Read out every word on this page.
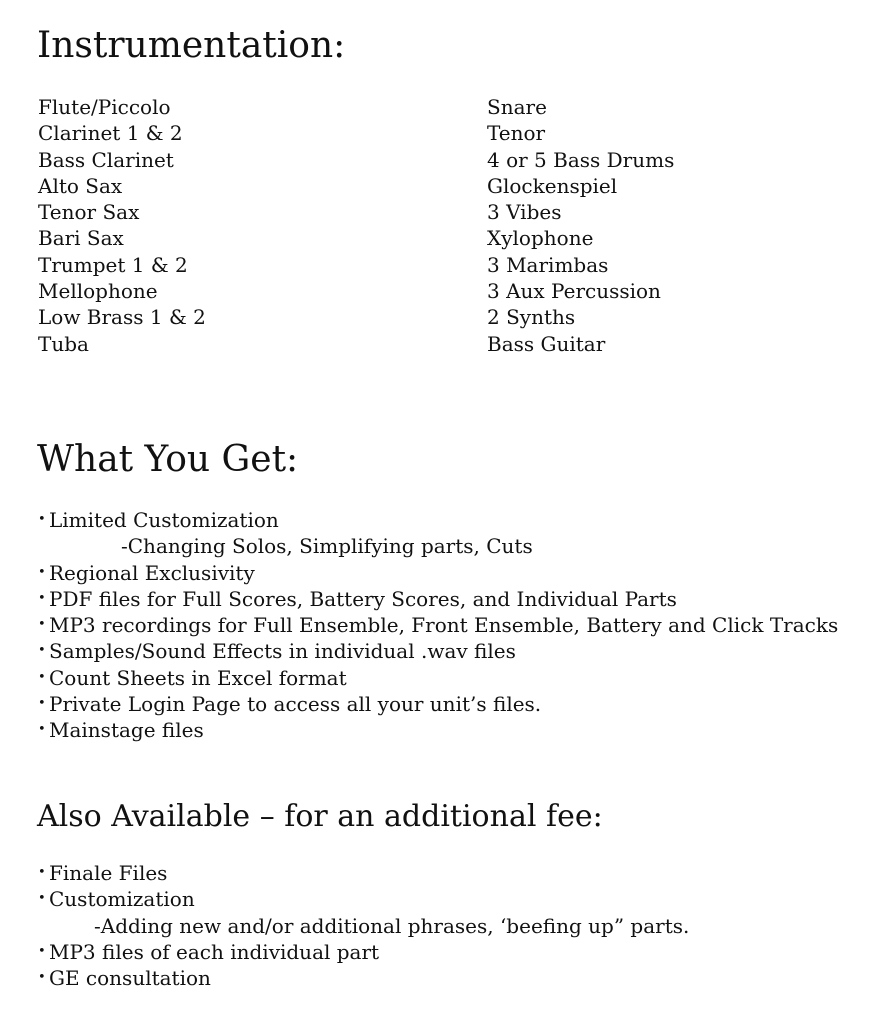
Instrumentation:
Flute/Piccolo
Clarinet 1 & 2
Bass Clarinet
Alto Sax
Tenor Sax
Bari Sax
Trumpet 1 & 2
Mellophone
Low Brass 1 & 2
Tuba
Snare
Tenor
4 or 5 Bass Drums
Glockenspiel
3 Vibes
Xylophone
3 Marimbas
3 Aux Percussion
2 Synths
Bass Guitar
What You Get:
• Limited Customization
-Changing Solos, Simplifying parts, Cuts
• Regional Exclusivity
• PDF files for Full Scores, Battery Scores, and Individual Parts
• MP3 recordings for Full Ensemble, Front Ensemble, Battery and Click Tracks
• Samples/Sound Effects in individual .wav files
• Count Sheets in Excel format
• Private Login Page to access all your unit’s files.
• Mainstage files
Also Available – for an additional fee:
• Finale Files
• Customization
-Adding new and/or additional phrases, ‘beefing up” parts.
• MP3 files of each individual part
• GE consultation
